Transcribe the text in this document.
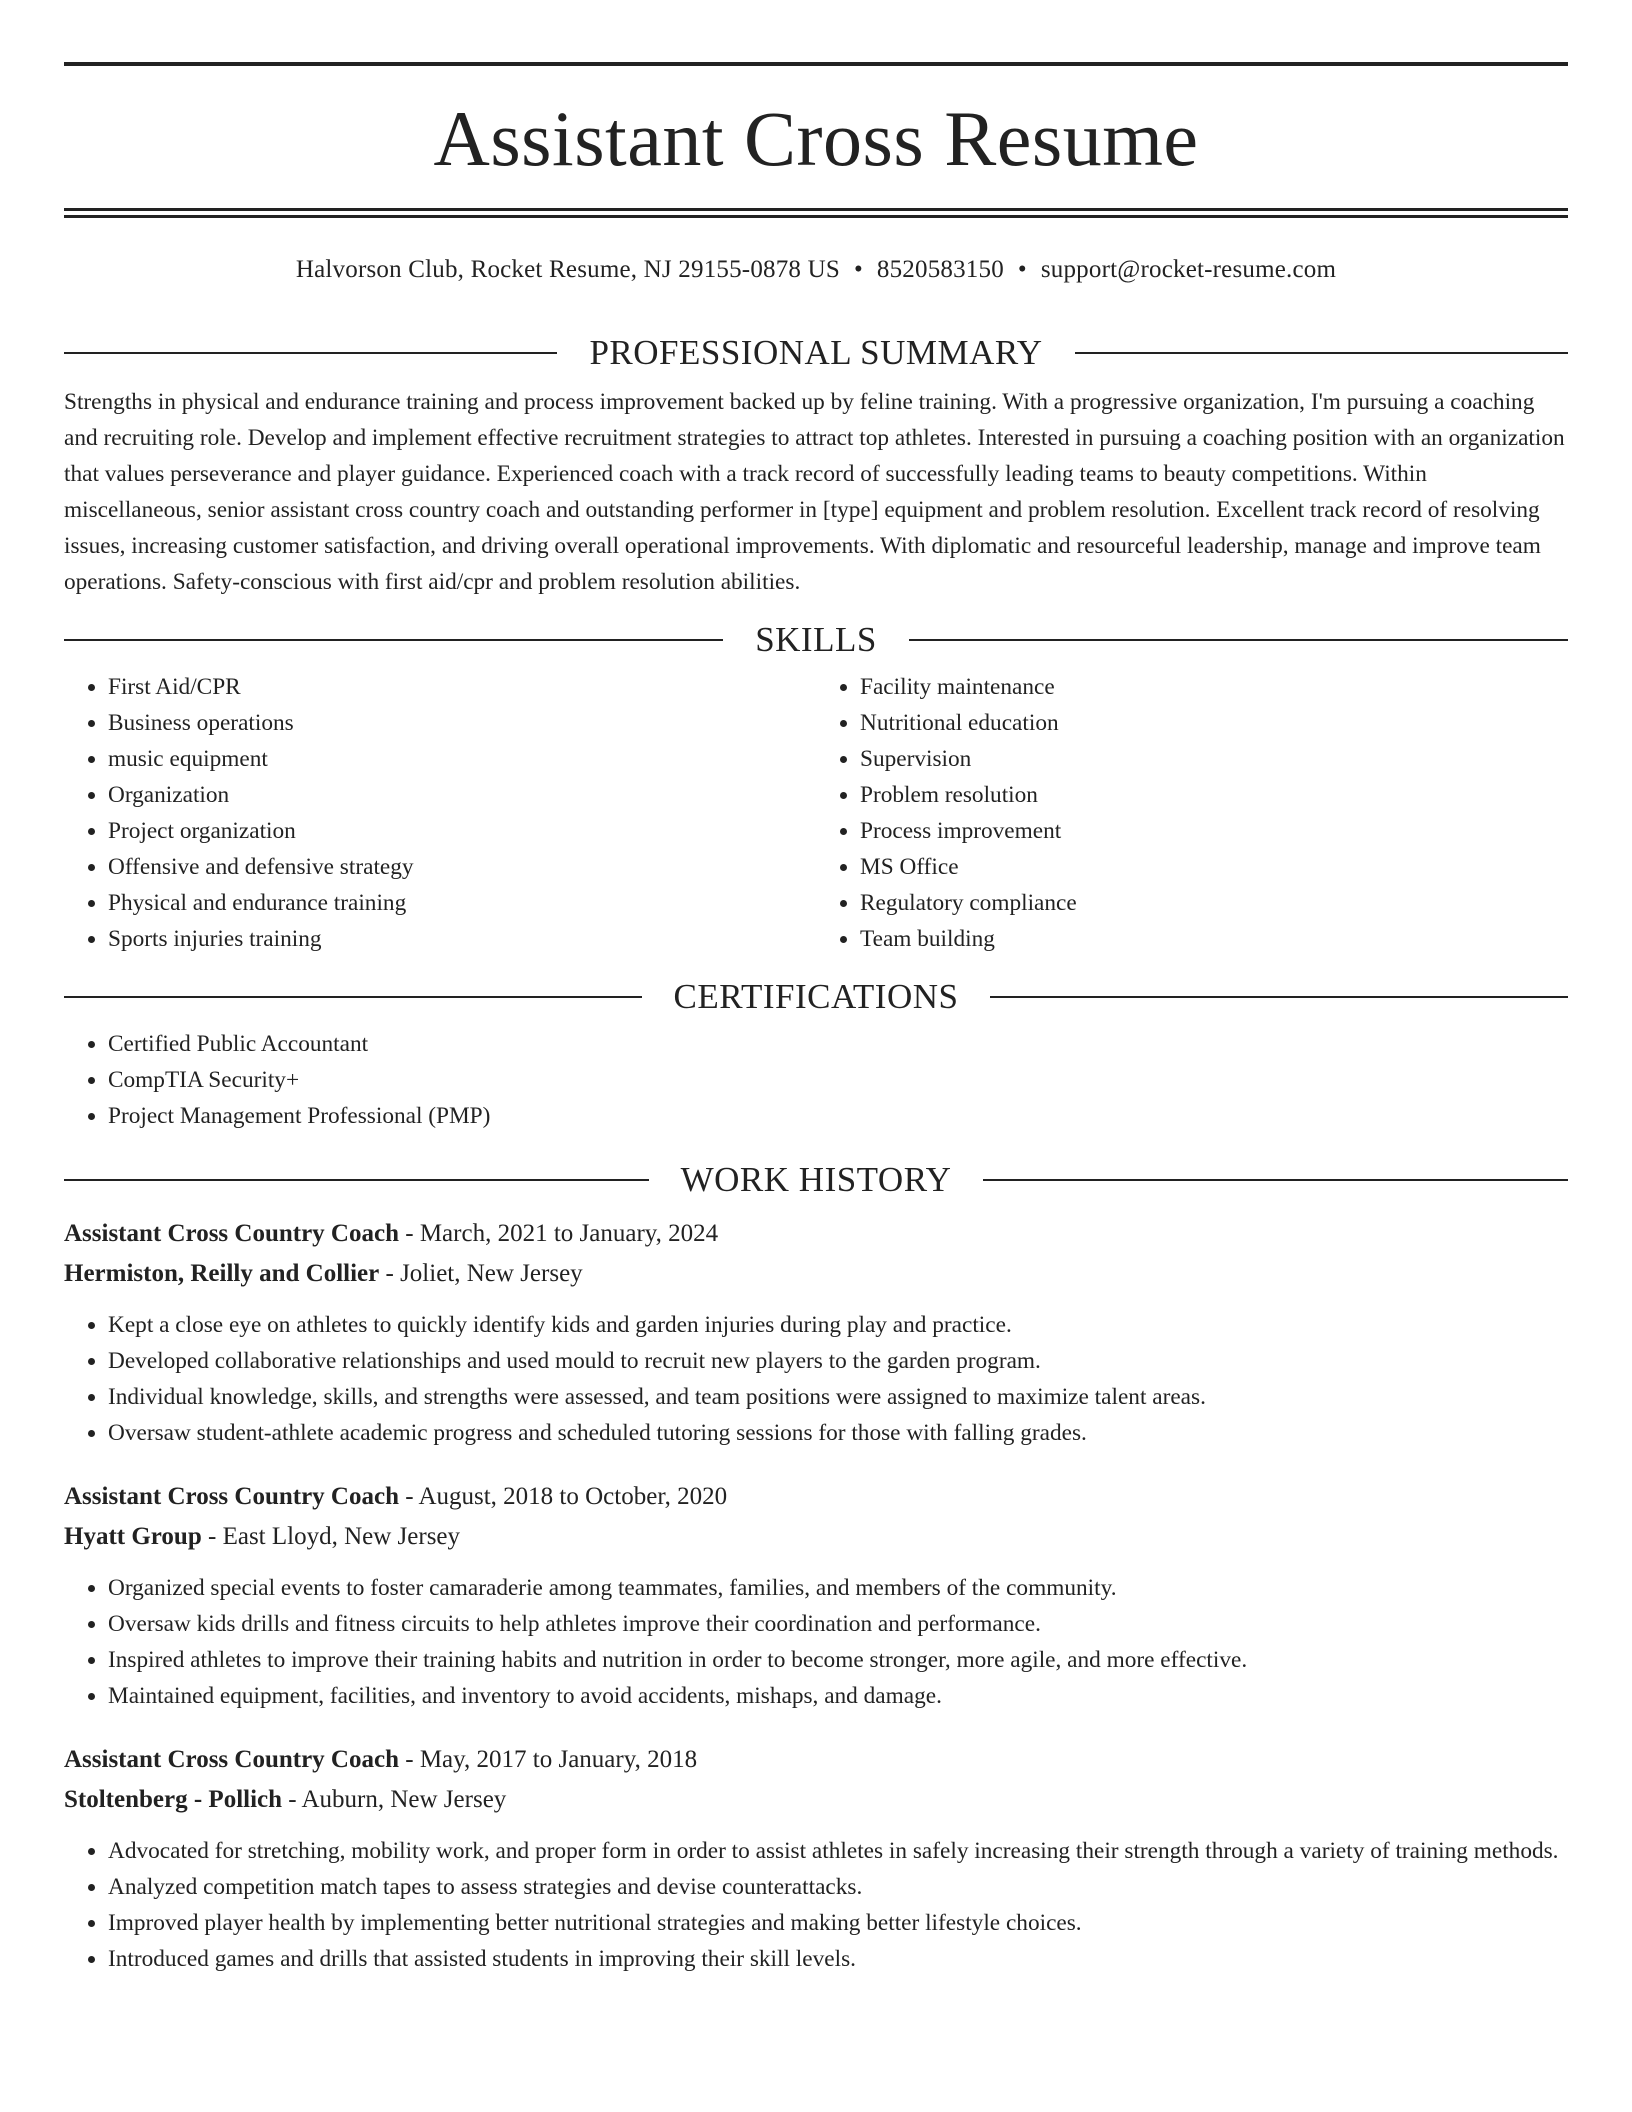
Assistant Cross Resume
Halvorson Club, Rocket Resume, NJ 29155-0878 US • 8520583150 • support@rocket-resume.com
PROFESSIONAL SUMMARY

Strengths in physical and endurance training and process improvement backed up by feline training. With a progressive organization, I'm pursuing a coaching and recruiting role. Develop and implement effective recruitment strategies to attract top athletes. Interested in pursuing a coaching position with an organization that values perseverance and player guidance. Experienced coach with a track record of successfully leading teams to beauty competitions. Within miscellaneous, senior assistant cross country coach and outstanding performer in [type] equipment and problem resolution. Excellent track record of resolving issues, increasing customer satisfaction, and driving overall operational improvements. With diplomatic and resourceful leadership, manage and improve team operations. Safety-conscious with first aid/cpr and problem resolution abilities.

SKILLS
• First Aid/CPR
• Business operations
• music equipment
• Organization
• Project organization
• Offensive and defensive strategy
• Physical and endurance training
• Sports injuries training
• Facility maintenance
• Nutritional education
• Supervision
• Problem resolution
• Process improvement
• MS Office
• Regulatory compliance
• Team building
CERTIFICATIONS
• Certified Public Accountant
• CompTIA Security+
• Project Management Professional (PMP)
WORK HISTORY
Assistant Cross Country Coach - March, 2021 to January, 2024
Hermiston, Reilly and Collier - Joliet, New Jersey
• Kept a close eye on athletes to quickly identify kids and garden injuries during play and practice.
• Developed collaborative relationships and used mould to recruit new players to the garden program.
• Individual knowledge, skills, and strengths were assessed, and team positions were assigned to maximize talent areas.
• Oversaw student-athlete academic progress and scheduled tutoring sessions for those with falling grades.
Assistant Cross Country Coach - August, 2018 to October, 2020
Hyatt Group - East Lloyd, New Jersey
• Organized special events to foster camaraderie among teammates, families, and members of the community.
• Oversaw kids drills and fitness circuits to help athletes improve their coordination and performance.
• Inspired athletes to improve their training habits and nutrition in order to become stronger, more agile, and more effective.
• Maintained equipment, facilities, and inventory to avoid accidents, mishaps, and damage.
Assistant Cross Country Coach - May, 2017 to January, 2018
Stoltenberg - Pollich - Auburn, New Jersey
• Advocated for stretching, mobility work, and proper form in order to assist athletes in safely increasing their strength through a variety of training methods.
• Analyzed competition match tapes to assess strategies and devise counterattacks.
• Improved player health by implementing better nutritional strategies and making better lifestyle choices.
• Introduced games and drills that assisted students in improving their skill levels.
